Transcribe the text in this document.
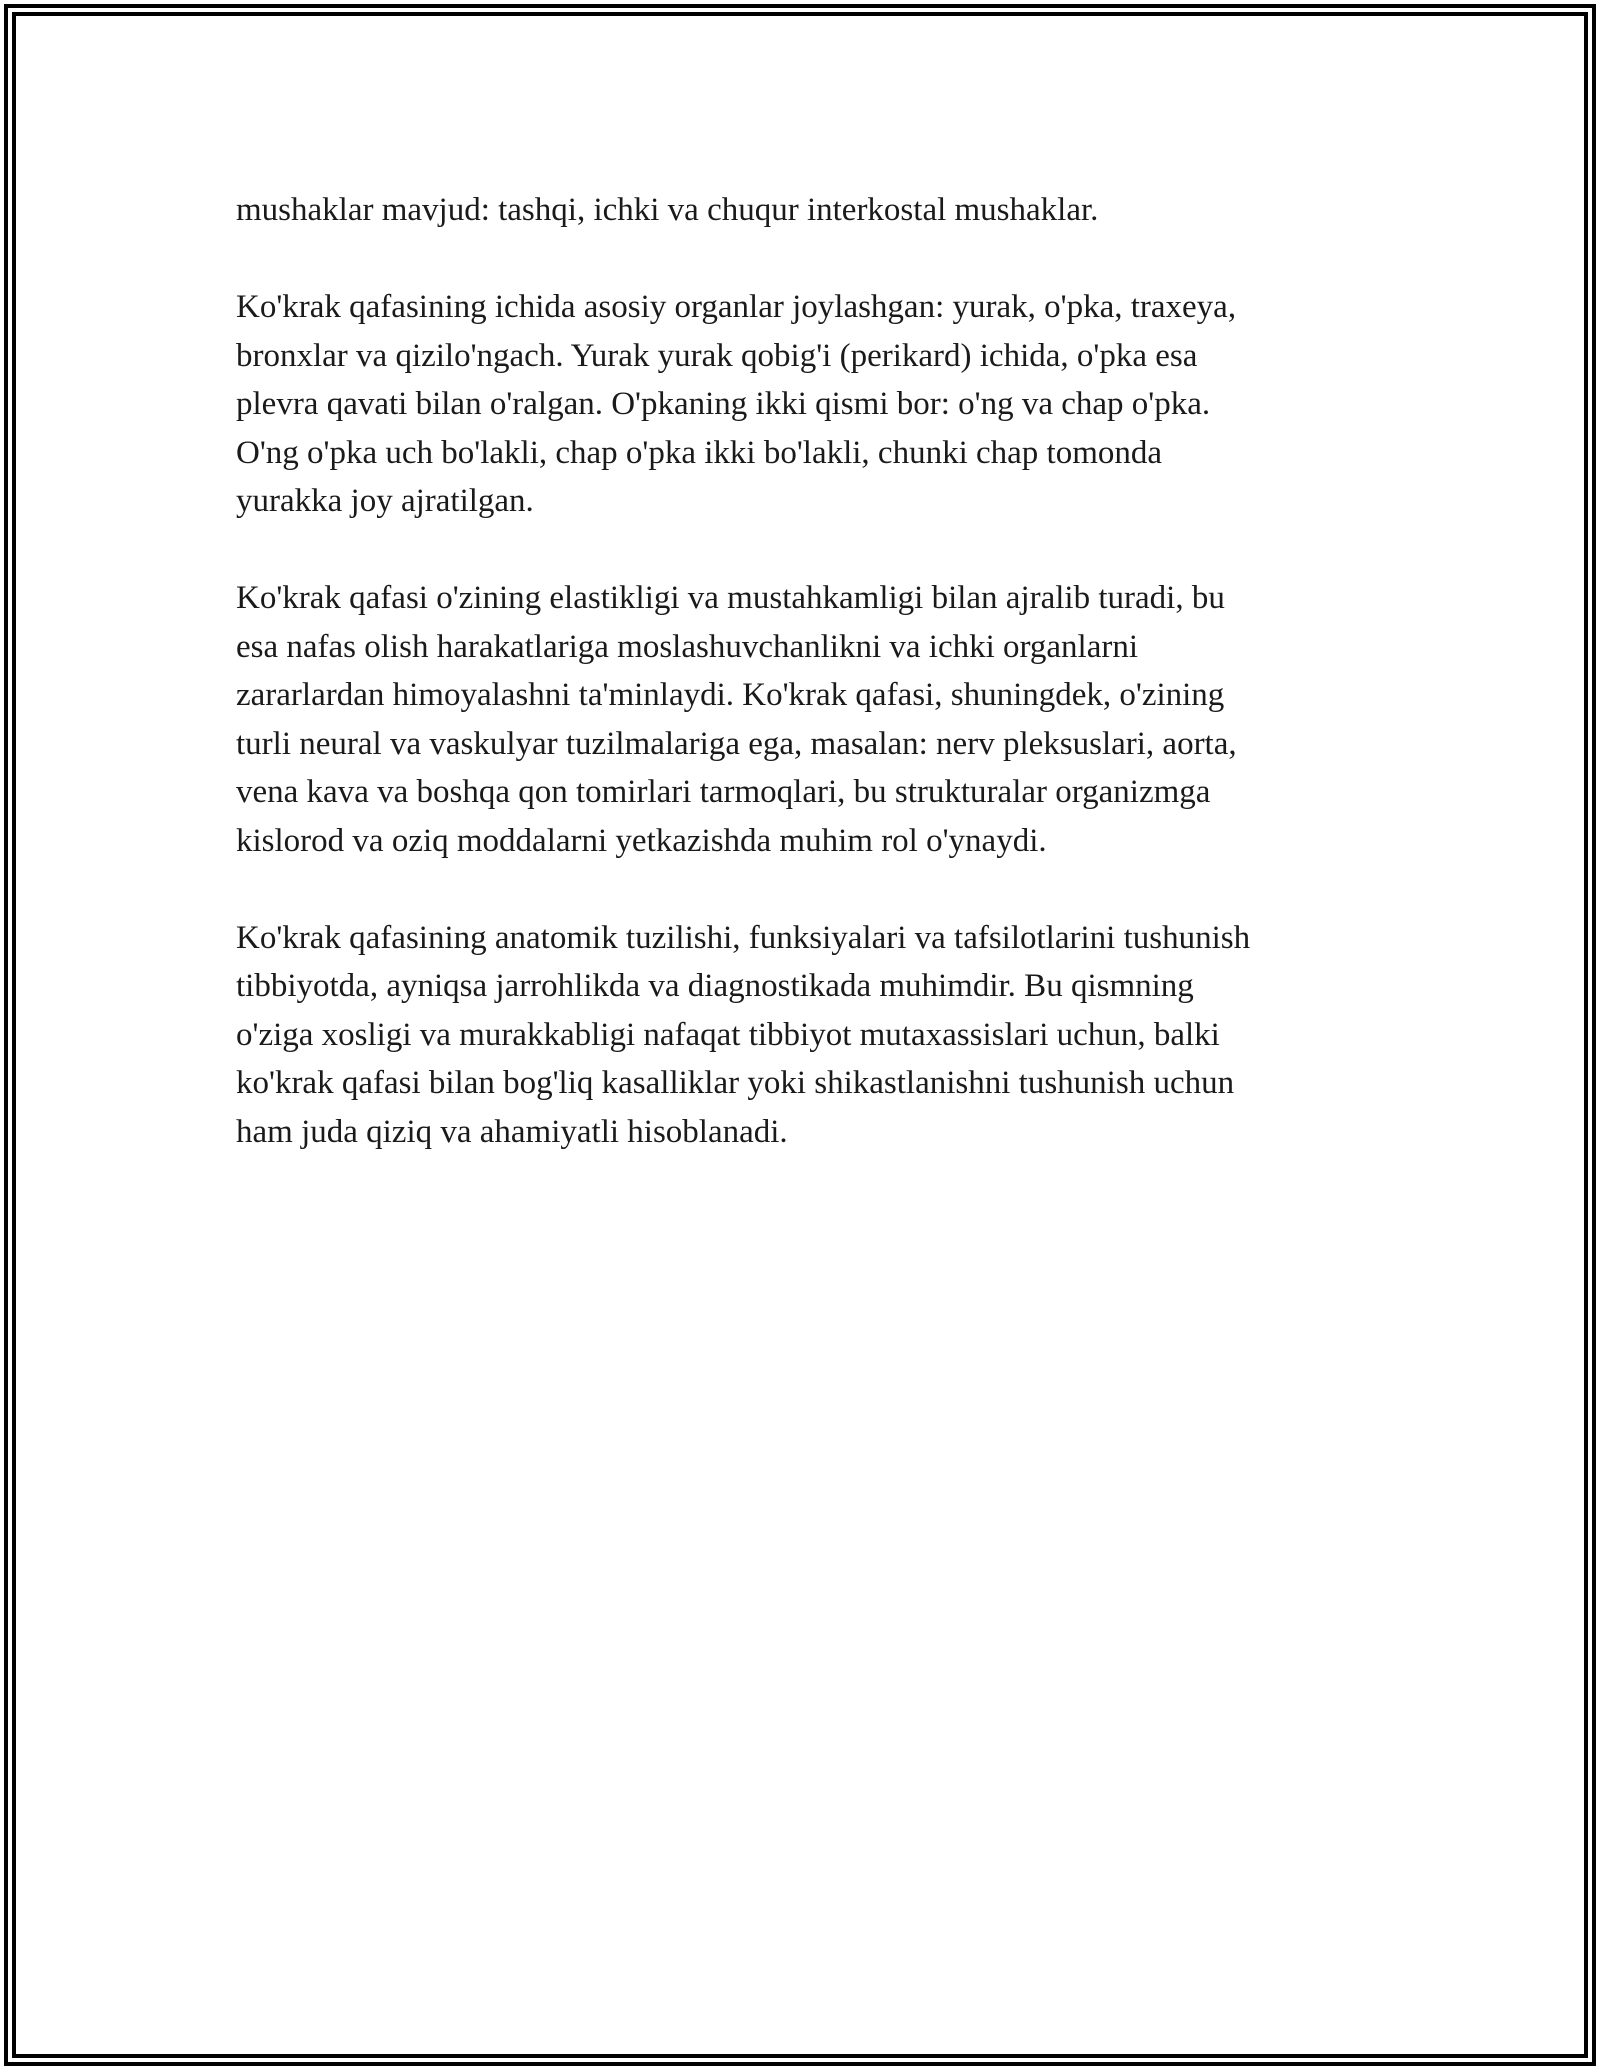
mushaklar mavjud: tashqi, ichki va chuqur interkostal mushaklar.
Ko'krak qafasining ichida asosiy organlar joylashgan: yurak, o'pka, traxeya,
bronxlar va qizilo'ngach. Yurak yurak qobig'i (perikard) ichida, o'pka esa
plevra qavati bilan o'ralgan. O'pkaning ikki qismi bor: o'ng va chap o'pka.
O'ng o'pka uch bo'lakli, chap o'pka ikki bo'lakli, chunki chap tomonda
yurakka joy ajratilgan.
Ko'krak qafasi o'zining elastikligi va mustahkamligi bilan ajralib turadi, bu
esa nafas olish harakatlariga moslashuvchanlikni va ichki organlarni
zararlardan himoyalashni ta'minlaydi. Ko'krak qafasi, shuningdek, o'zining
turli neural va vaskulyar tuzilmalariga ega, masalan: nerv pleksuslari, aorta,
vena kava va boshqa qon tomirlari tarmoqlari, bu strukturalar organizmga
kislorod va oziq moddalarni yetkazishda muhim rol o'ynaydi.
Ko'krak qafasining anatomik tuzilishi, funksiyalari va tafsilotlarini tushunish
tibbiyotda, ayniqsa jarrohlikda va diagnostikada muhimdir. Bu qismning
o'ziga xosligi va murakkabligi nafaqat tibbiyot mutaxassislari uchun, balki
ko'krak qafasi bilan bog'liq kasalliklar yoki shikastlanishni tushunish uchun
ham juda qiziq va ahamiyatli hisoblanadi.
